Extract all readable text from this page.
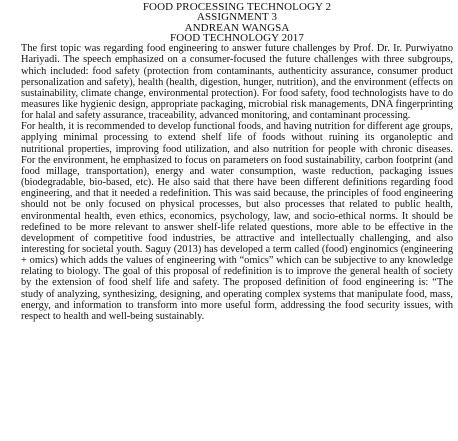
FOOD PROCESSING TECHNOLOGY 2
ASSIGNMENT 3
ANDREAN WANGSA
FOOD TECHNOLOGY 2017

The first topic was regarding food engineering to answer future challenges by Prof. Dr. Ir. Purwiyatno Hariyadi. The speech emphasized on a consumer-focused the future challenges with three subgroups, which included: food safety (protection from contaminants, authenticity assurance, consumer product personalization and safety), health (health, digestion, hunger, nutrition), and the environment (effects on sustainability, climate change, environmental protection). For food safety, food technologists have to do measures like hygienic design, appropriate packaging, microbial risk managements, DNA fingerprinting for halal and safety assurance, traceability, advanced monitoring, and contaminant processing.

For health, it is recommended to develop functional foods, and having nutrition for different age groups, applying minimal processing to extend shelf life of foods without ruining its organoleptic and nutritional properties, improving food utilization, and also nutrition for people with chronic diseases. For the environment, he emphasized to focus on parameters on food sustainability, carbon footprint (and food millage, transportation), energy and water consumption, waste reduction, packaging issues (biodegradable, bio-based, etc). He also said that there have been different definitions regarding food engineering, and that it needed a redefinition. This was said because, the principles of food engineering should not be only focused on physical processes, but also processes that related to public health, environmental health, even ethics, economics, psychology, law, and socio-ethical norms. It should be redefined to be more relevant to answer shelf-life related questions, more able to be effective in the development of competitive food industries, be attractive and intellectually challenging, and also interesting for societal youth. Saguy (2013) has developed a term called (food) enginomics (engineering + omics) which adds the values of engineering with “omics” which can be subjective to any knowledge relating to biology. The goal of this proposal of redefinition is to improve the general health of society by the extension of food shelf life and safety. The proposed definition of food engineering is: “The study of analyzing, synthesizing, designing, and operating complex systems that manipulate food, mass, energy, and information to transform into more useful form, addressing the food security issues, with respect to health and well-being sustainably.
